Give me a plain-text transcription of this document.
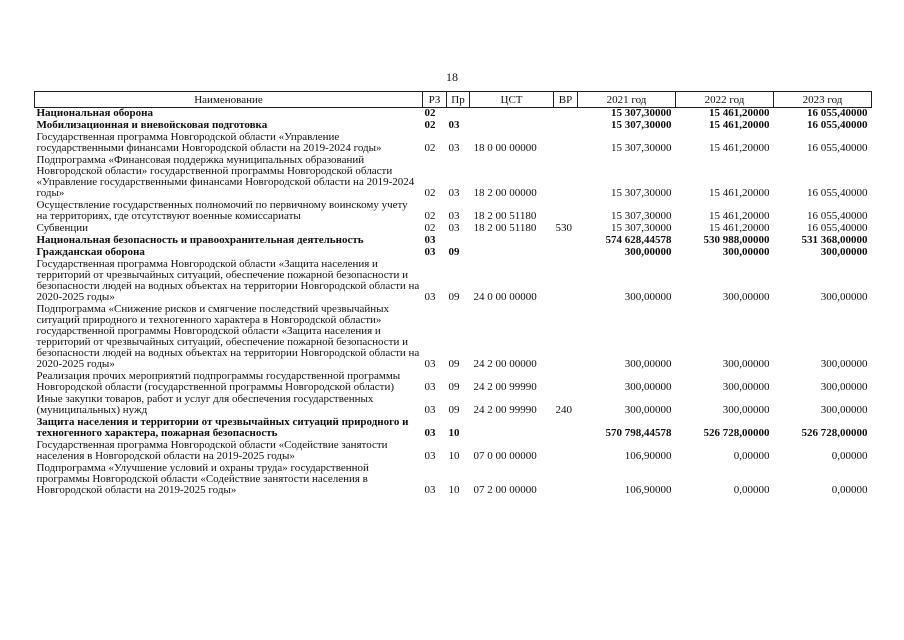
18
Наименование	РЗ	Пр	ЦСТ	ВР	2021 год	2022 год	2023 год
Национальная оборона	02				15 307,30000	15 461,20000	16 055,40000
Мобилизационная и вневойсковая подготовка	02	03			15 307,30000	15 461,20000	16 055,40000
Государственная программа Новгородской области «Управление государственными финансами Новгородской области на 2019-2024 годы»	02	03	18 0 00 00000		15 307,30000	15 461,20000	16 055,40000
Подпрограмма «Финансовая поддержка муниципальных образований Новгородской области» государственной программы Новгородской области «Управление государственными финансами Новгородской области на 2019-2024 годы»	02	03	18 2 00 00000		15 307,30000	15 461,20000	16 055,40000
Осуществление государственных полномочий по первичному воинскому учету на территориях, где отсутствуют военные комиссариаты	02	03	18 2 00 51180		15 307,30000	15 461,20000	16 055,40000
Субвенции	02	03	18 2 00 51180	530	15 307,30000	15 461,20000	16 055,40000
Национальная безопасность и правоохранительная деятельность	03				574 628,44578	530 988,00000	531 368,00000
Гражданская оборона	03	09			300,00000	300,00000	300,00000
Государственная программа Новгородской области «Защита населения и территорий от чрезвычайных ситуаций, обеспечение пожарной безопасности и безопасности людей на водных объектах на территории Новгородской области на 2020-2025 годы»	03	09	24 0 00 00000		300,00000	300,00000	300,00000
Подпрограмма «Снижение рисков и смягчение последствий чрезвычайных ситуаций природного и техногенного характера в Новгородской области» государственной программы Новгородской области «Защита населения и территорий от чрезвычайных ситуаций, обеспечение пожарной безопасности и безопасности людей на водных объектах на территории Новгородской области на 2020-2025 годы»	03	09	24 2 00 00000		300,00000	300,00000	300,00000
Реализация прочих мероприятий подпрограммы государственной программы Новгородской области (государственной программы Новгородской области)	03	09	24 2 00 99990		300,00000	300,00000	300,00000
Иные закупки товаров, работ и услуг для обеспечения государственных (муниципальных) нужд	03	09	24 2 00 99990	240	300,00000	300,00000	300,00000
Защита населения и территории от чрезвычайных ситуаций природного и техногенного характера, пожарная безопасность	03	10			570 798,44578	526 728,00000	526 728,00000
Государственная программа Новгородской области «Содействие занятости населения в Новгородской области на 2019-2025 годы»	03	10	07 0 00 00000		106,90000	0,00000	0,00000
Подпрограмма «Улучшение условий и охраны труда» государственной программы Новгородской области «Содействие занятости населения в Новгородской области на 2019-2025 годы»	03	10	07 2 00 00000		106,90000	0,00000	0,00000
